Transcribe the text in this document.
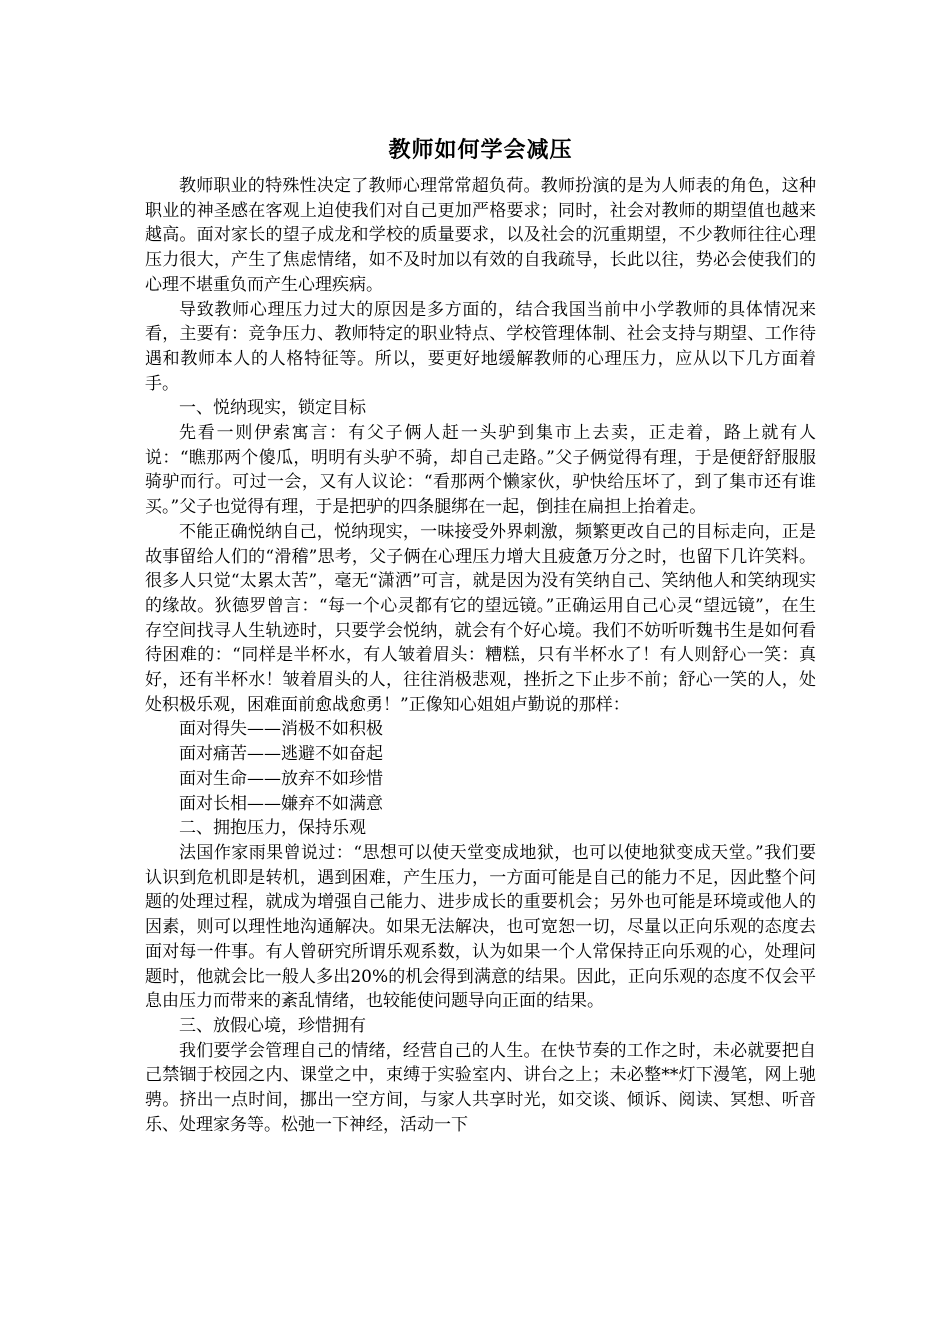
教师如何学会减压

教师职业的特殊性决定了教师心理常常超负荷。教师扮演的是为人师表的角色，这种职业的神圣感在客观上迫使我们对自己更加严格要求；同时，社会对教师的期望值也越来越高。面对家长的望子成龙和学校的质量要求，以及社会的沉重期望，不少教师往往心理压力很大，产生了焦虑情绪，如不及时加以有效的自我疏导，长此以往，势必会使我们的心理不堪重负而产生心理疾病。

导致教师心理压力过大的原因是多方面的，结合我国当前中小学教师的具体情况来看，主要有：竞争压力、教师特定的职业特点、学校管理体制、社会支持与期望、工作待遇和教师本人的人格特征等。所以，要更好地缓解教师的心理压力，应从以下几方面着手。

一、悦纳现实，锁定目标

先看一则伊索寓言：有父子俩人赶一头驴到集市上去卖，正走着，路上就有人说：“瞧那两个傻瓜，明明有头驴不骑，却自己走路。”父子俩觉得有理，于是便舒舒服服骑驴而行。可过一会，又有人议论：“看那两个懒家伙，驴快给压坏了，到了集市还有谁买。”父子也觉得有理，于是把驴的四条腿绑在一起，倒挂在扁担上抬着走。

不能正确悦纳自己，悦纳现实，一味接受外界刺激，频繁更改自己的目标走向，正是故事留给人们的“滑稽”思考，父子俩在心理压力增大且疲惫万分之时，也留下几许笑料。很多人只觉“太累太苦”，毫无“潇洒”可言，就是因为没有笑纳自己、笑纳他人和笑纳现实的缘故。狄德罗曾言：“每一个心灵都有它的望远镜。”正确运用自己心灵“望远镜”，在生存空间找寻人生轨迹时，只要学会悦纳，就会有个好心境。我们不妨听听魏书生是如何看待困难的：“同样是半杯水，有人皱着眉头：糟糕，只有半杯水了！有人则舒心一笑：真好，还有半杯水！皱着眉头的人，往往消极悲观，挫折之下止步不前；舒心一笑的人，处处积极乐观，困难面前愈战愈勇！”正像知心姐姐卢勤说的那样：

面对得失——消极不如积极

面对痛苦——逃避不如奋起

面对生命——放弃不如珍惜

面对长相——嫌弃不如满意

二、拥抱压力，保持乐观

法国作家雨果曾说过：“思想可以使天堂变成地狱，也可以使地狱变成天堂。”我们要认识到危机即是转机，遇到困难，产生压力，一方面可能是自己的能力不足，因此整个问题的处理过程，就成为增强自己能力、进步成长的重要机会；另外也可能是环境或他人的因素，则可以理性地沟通解决。如果无法解决，也可宽恕一切，尽量以正向乐观的态度去面对每一件事。有人曾研究所谓乐观系数，认为如果一个人常保持正向乐观的心，处理问题时，他就会比一般人多出20%的机会得到满意的结果。因此，正向乐观的态度不仅会平息由压力而带来的紊乱情绪，也较能使问题导向正面的结果。

三、放假心境，珍惜拥有

我们要学会管理自己的情绪，经营自己的人生。在快节奏的工作之时，未必就要把自己禁锢于校园之内、课堂之中，束缚于实验室内、讲台之上；未必整**灯下漫笔，网上驰骋。挤出一点时间，挪出一空方间，与家人共享时光，如交谈、倾诉、阅读、冥想、听音乐、处理家务等。松弛一下神经，活动一下
